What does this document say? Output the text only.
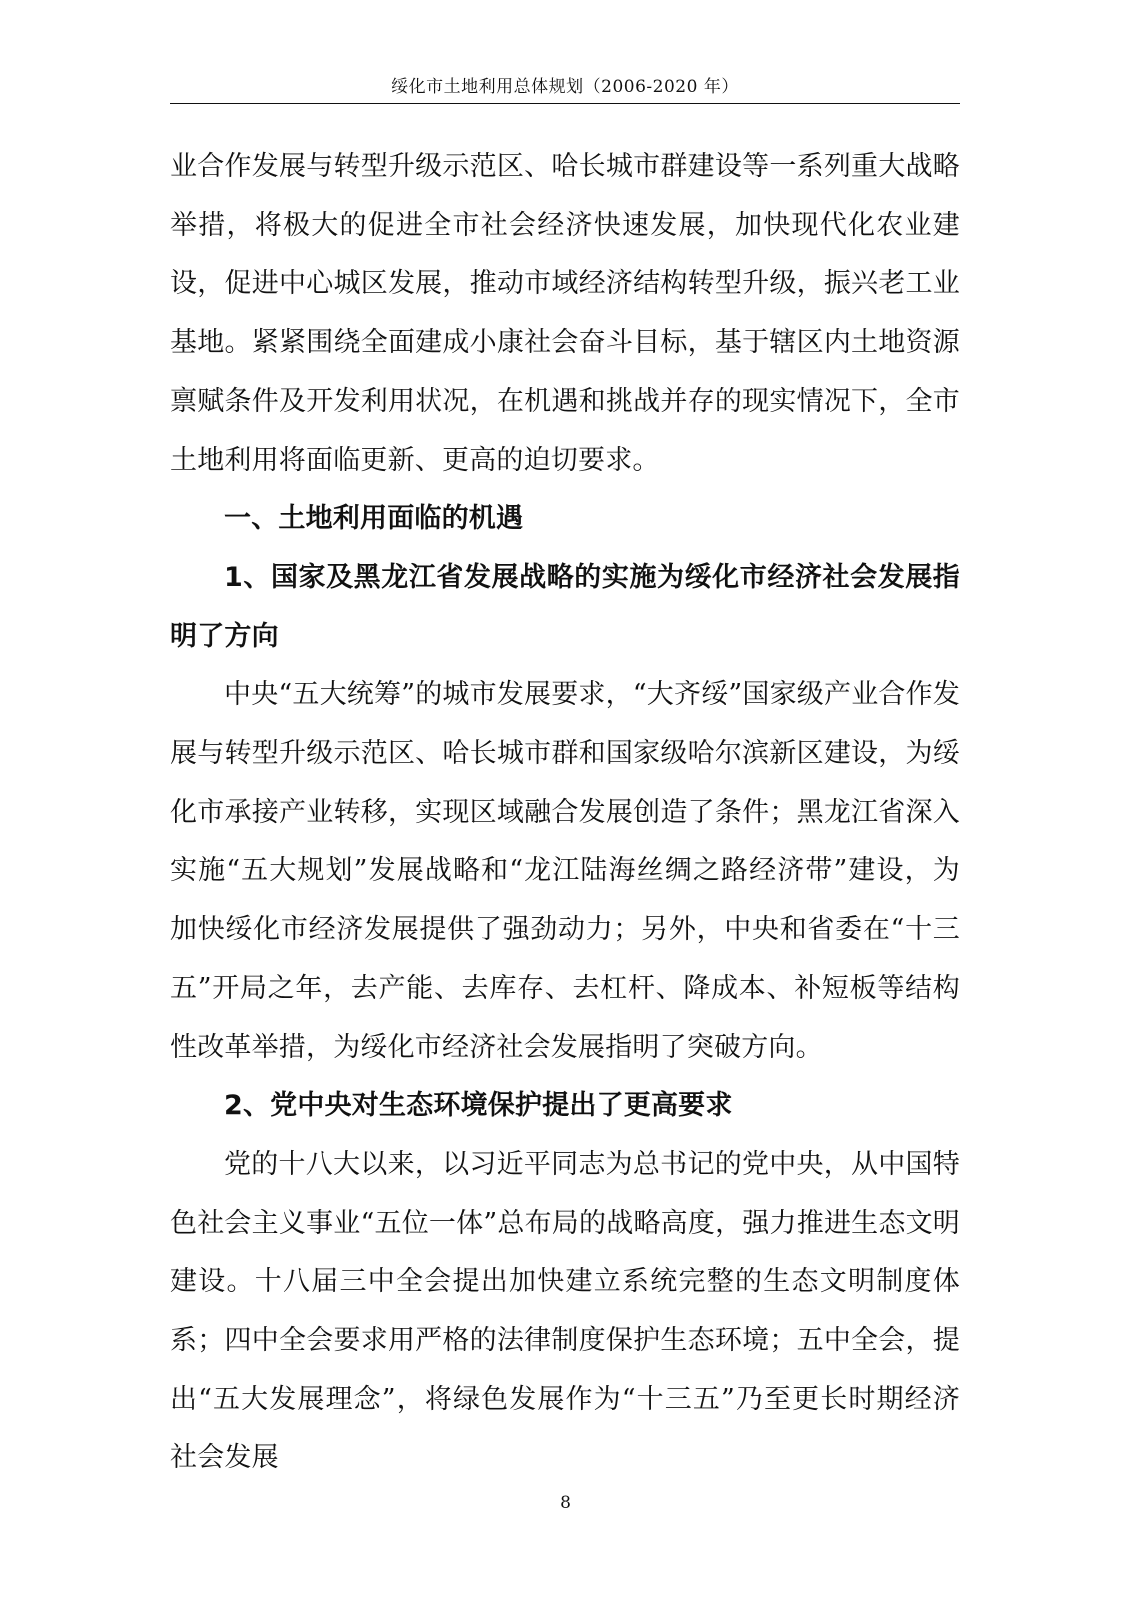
绥化市土地利用总体规划（2006-2020 年）

业合作发展与转型升级示范区、哈长城市群建设等一系列重大战略举措，将极大的促进全市社会经济快速发展，加快现代化农业建设，促进中心城区发展，推动市域经济结构转型升级，振兴老工业基地。紧紧围绕全面建成小康社会奋斗目标，基于辖区内土地资源禀赋条件及开发利用状况，在机遇和挑战并存的现实情况下，全市土地利用将面临更新、更高的迫切要求。

一、土地利用面临的机遇

1、国家及黑龙江省发展战略的实施为绥化市经济社会发展指明了方向

中央“五大统筹”的城市发展要求，“大齐绥”国家级产业合作发展与转型升级示范区、哈长城市群和国家级哈尔滨新区建设，为绥化市承接产业转移，实现区域融合发展创造了条件；黑龙江省深入实施“五大规划”发展战略和“龙江陆海丝绸之路经济带”建设，为加快绥化市经济发展提供了强劲动力；另外，中央和省委在“十三五”开局之年，去产能、去库存、去杠杆、降成本、补短板等结构性改革举措，为绥化市经济社会发展指明了突破方向。

2、党中央对生态环境保护提出了更高要求

党的十八大以来，以习近平同志为总书记的党中央，从中国特色社会主义事业“五位一体”总布局的战略高度，强力推进生态文明建设。十八届三中全会提出加快建立系统完整的生态文明制度体系；四中全会要求用严格的法律制度保护生态环境；五中全会，提出“五大发展理念”，将绿色发展作为“十三五”乃至更长时期经济社会发展

8
